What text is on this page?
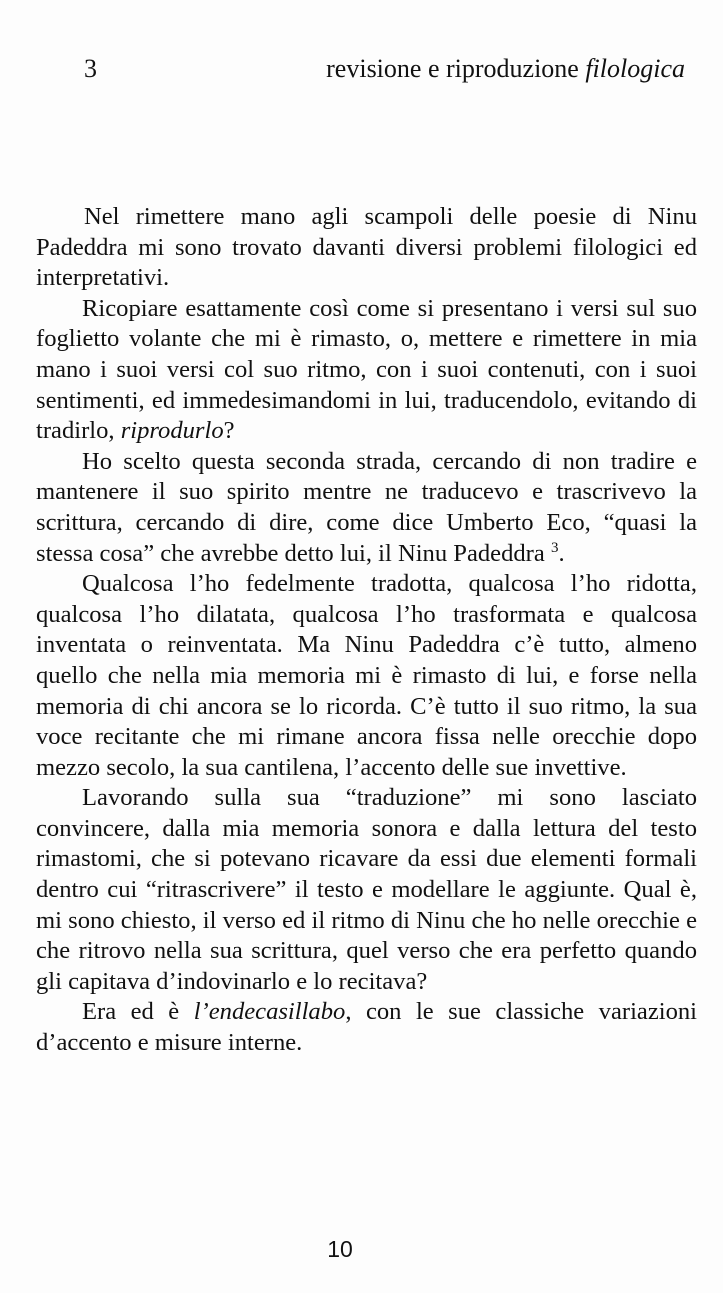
3	revisione e riproduzione filologica

Nel rimettere mano agli scampoli delle poesie di Ninu Padeddra mi sono trovato davanti diversi problemi filologici ed interpretativi.

Ricopiare esattamente così come si presentano i versi sul suo foglietto volante che mi è rimasto, o, mettere e rimettere in mia mano i suoi versi col suo ritmo, con i suoi contenuti, con i suoi sentimenti, ed immedesimandomi in lui, traducendolo, evitando di tradirlo, riprodurlo?

Ho scelto questa seconda strada, cercando di non tradire e mantenere il suo spirito mentre ne traducevo e trascrivevo la scrittura, cercando di dire, come dice Umberto Eco, “quasi la stessa cosa” che avrebbe detto lui, il Ninu Padeddra $^3$.

Qualcosa l’ho fedelmente tradotta, qualcosa l’ho ridotta, qualcosa l’ho dilatata, qualcosa l’ho trasformata e qualcosa inventata o reinventata. Ma Ninu Padeddra c’è tutto, almeno quello che nella mia memoria mi è rimasto di lui, e forse nella memoria di chi ancora se lo ricorda. C’è tutto il suo ritmo, la sua voce recitante che mi rimane ancora fissa nelle orecchie dopo mezzo secolo, la sua cantilena, l’accento delle sue invettive.

Lavorando sulla sua “traduzione” mi sono lasciato convincere, dalla mia memoria sonora e dalla lettura del testo rimastomi, che si potevano ricavare da essi due elementi formali dentro cui “ritrascrivere” il testo e modellare le aggiunte. Qual è, mi sono chiesto, il verso ed il ritmo di Ninu che ho nelle orecchie e che ritrovo nella sua scrittura, quel verso che era perfetto quando gli capitava d’indovinarlo e lo recitava?

Era ed è l’endecasillabo, con le sue classiche variazioni d’accento e misure interne.

10
